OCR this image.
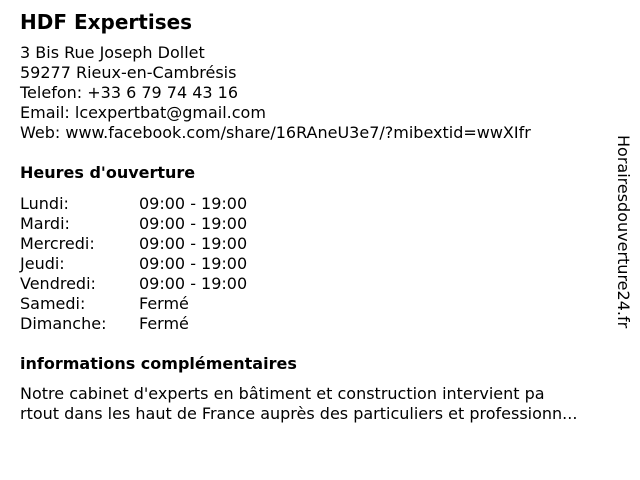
HDF Expertises
3 Bis Rue Joseph Dollet
59277 Rieux-en-Cambrésis
Telefon: +33 6 79 74 43 16
Email: lcexpertbat@gmail.com
Web: www.facebook.com/share/16RAneU3e7/?mibextid=wwXIfr
Heures d'ouverture
Lundi:	09:00 - 19:00
Mardi:	09:00 - 19:00
Mercredi:	09:00 - 19:00
Jeudi:	09:00 - 19:00
Vendredi:	09:00 - 19:00
Samedi:	Fermé
Dimanche: Fermé
informations complémentaires
Notre cabinet d'experts en bâtiment et construction intervient pa
rtout dans les haut de France auprès des particuliers et professionn...
Horairesdouverture24.fr
